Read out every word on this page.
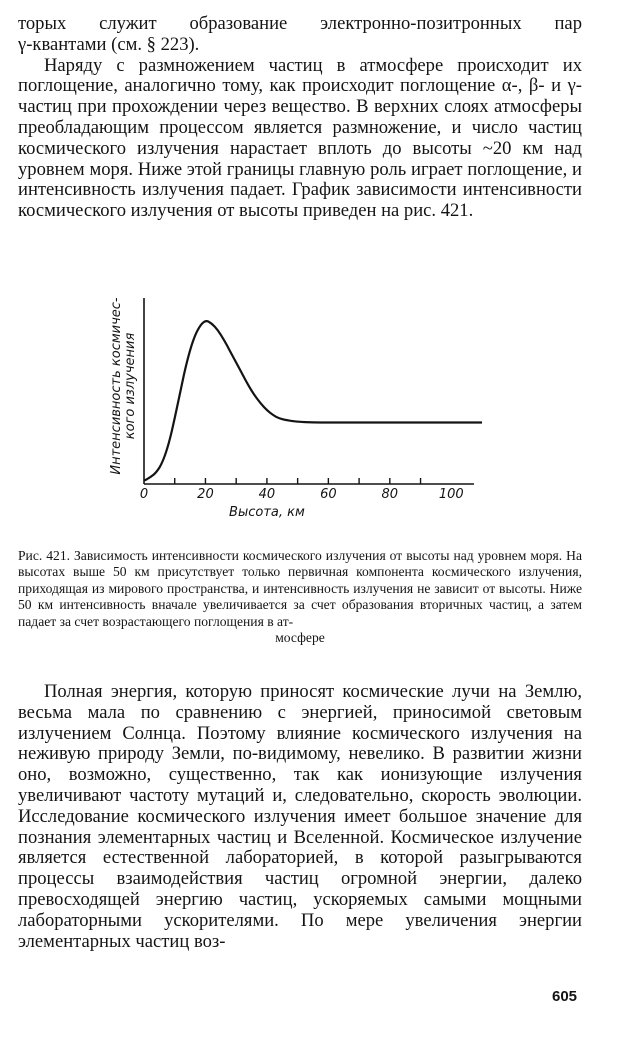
торых служит образование электронно-позитронных пар

γ-квантами (см. § 223).

Наряду с размножением частиц в атмосфере происходит их поглощение, аналогично тому, как происходит поглощение α-, β- и γ-частиц при прохождении через вещество. В верхних слоях атмосферы преобладающим процессом является размножение, и число частиц космического излучения нарастает вплоть до высоты ~20 км над уровнем моря. Ниже этой границы главную роль играет поглощение, и интенсивность излучения падает. График зависимости интенсивности космического излучения от высоты приведен на рис. 421.

0	20	40	60	80	100
Высота, км
Интенсивность космичес- кого излучения
Рис. 421. Зависимость интенсивности космического излучения от высоты над уровнем моря. На высотах выше 50 км присутствует только первичная компонента космического излучения, приходящая из мирового пространства, и интенсивность излучения не зависит от высоты. Ниже 50 км интенсивность вначале увеличивается за счет образования вторичных частиц, а затем падает за счет возрастающего поглощения в ат-
мосфере

Полная энергия, которую приносят космические лучи на Землю, весьма мала по сравнению с энергией, приносимой световым излучением Солнца. Поэтому влияние космического излучения на неживую природу Земли, по-видимому, невелико. В развитии жизни оно, возможно, существенно, так как ионизующие излучения увеличивают частоту мутаций и, следовательно, скорость эволюции. Исследование космического излучения имеет большое значение для познания элементарных частиц и Вселенной. Космическое излучение является естественной лабораторией, в которой разыгрываются процессы взаимодействия частиц огромной энергии, далеко превосходящей энергию частиц, ускоряемых самыми мощными лабораторными ускорителями. По мере увеличения энергии элементарных частиц воз-

605
